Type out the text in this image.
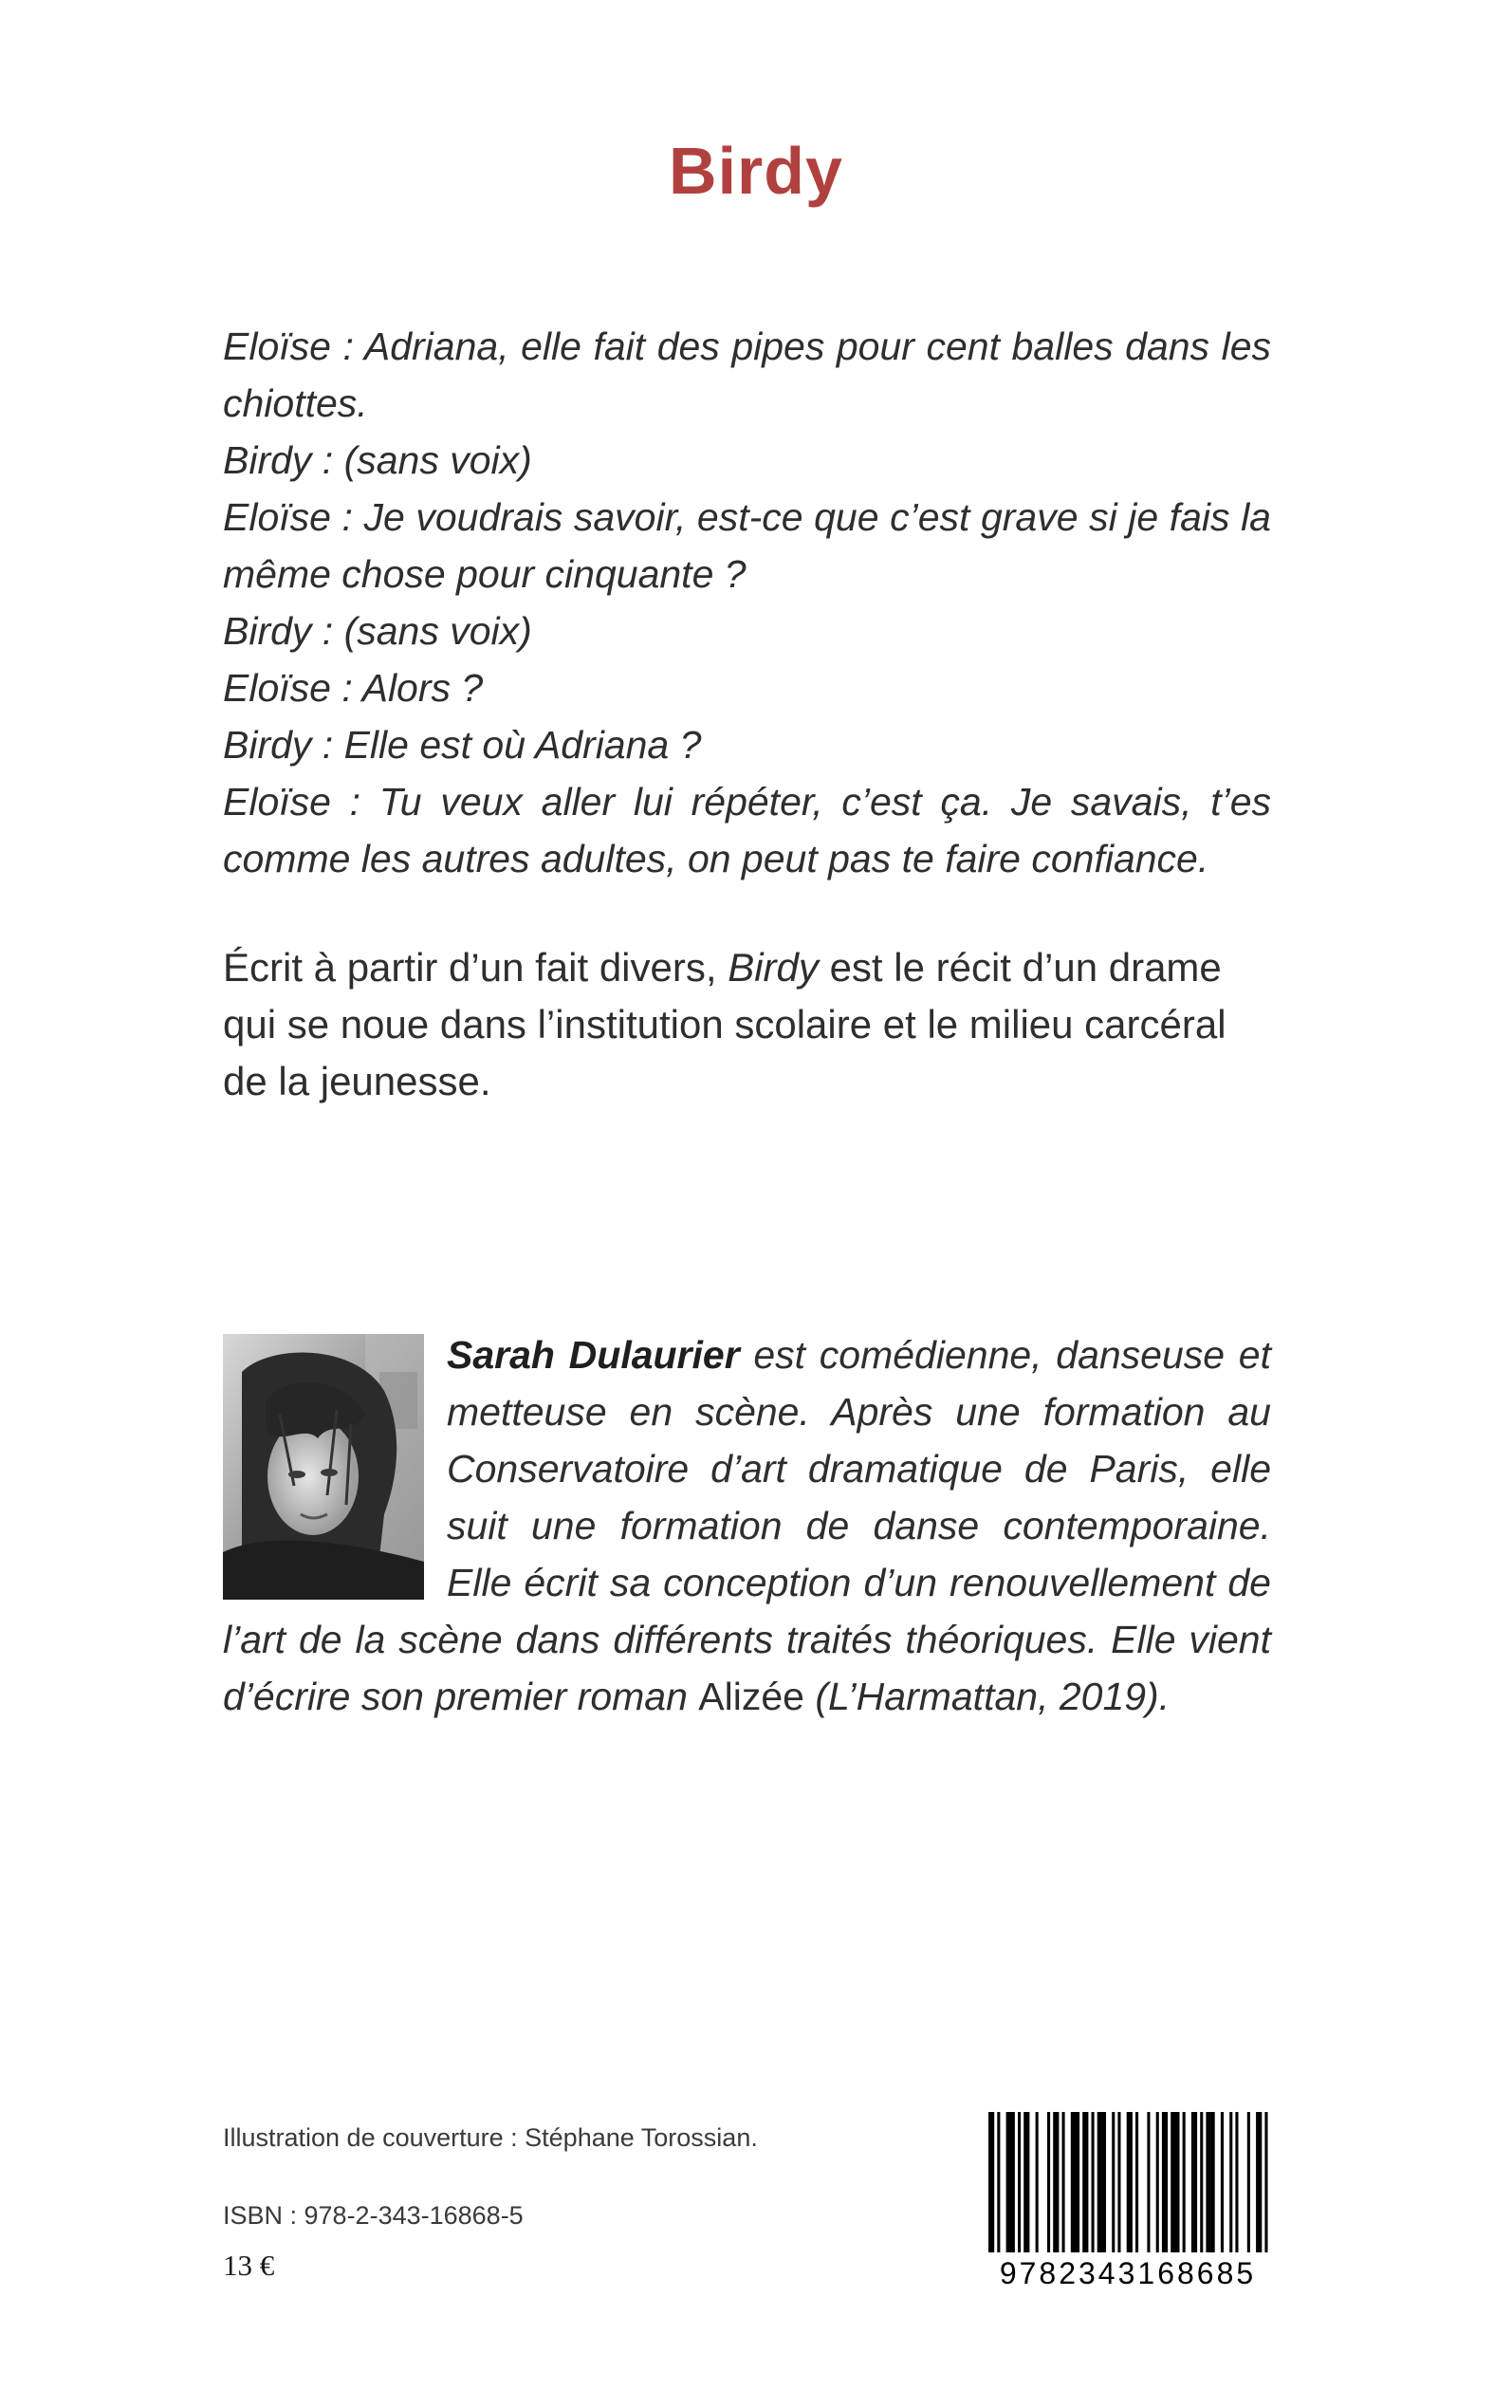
Birdy

Eloïse : Adriana, elle fait des pipes pour cent balles dans les chiottes.

Birdy : (sans voix)

Eloïse : Je voudrais savoir, est-ce que c’est grave si je fais la même chose pour cinquante ?

Birdy : (sans voix)

Eloïse : Alors ?

Birdy : Elle est où Adriana ?

Eloïse : Tu veux aller lui répéter, c’est ça. Je savais, t’es comme les autres adultes, on peut pas te faire confiance.

Écrit à partir d’un fait divers, Birdy est le récit d’un drame qui se noue dans l’institution scolaire et le milieu carcéral de la jeunesse.

Sarah Dulaurier est comédienne, danseuse et metteuse en scène. Après une formation au Conservatoire d’art dramatique de Paris, elle suit une formation de danse contemporaine. Elle écrit sa conception d’un renouvellement de l’art de la scène dans différents traités théoriques. Elle vient d’écrire son premier roman Alizée (L’Harmattan, 2019).

Illustration de couverture : Stéphane Torossian.

ISBN : 978-2-343-16868-5

13 €	9782343168685
